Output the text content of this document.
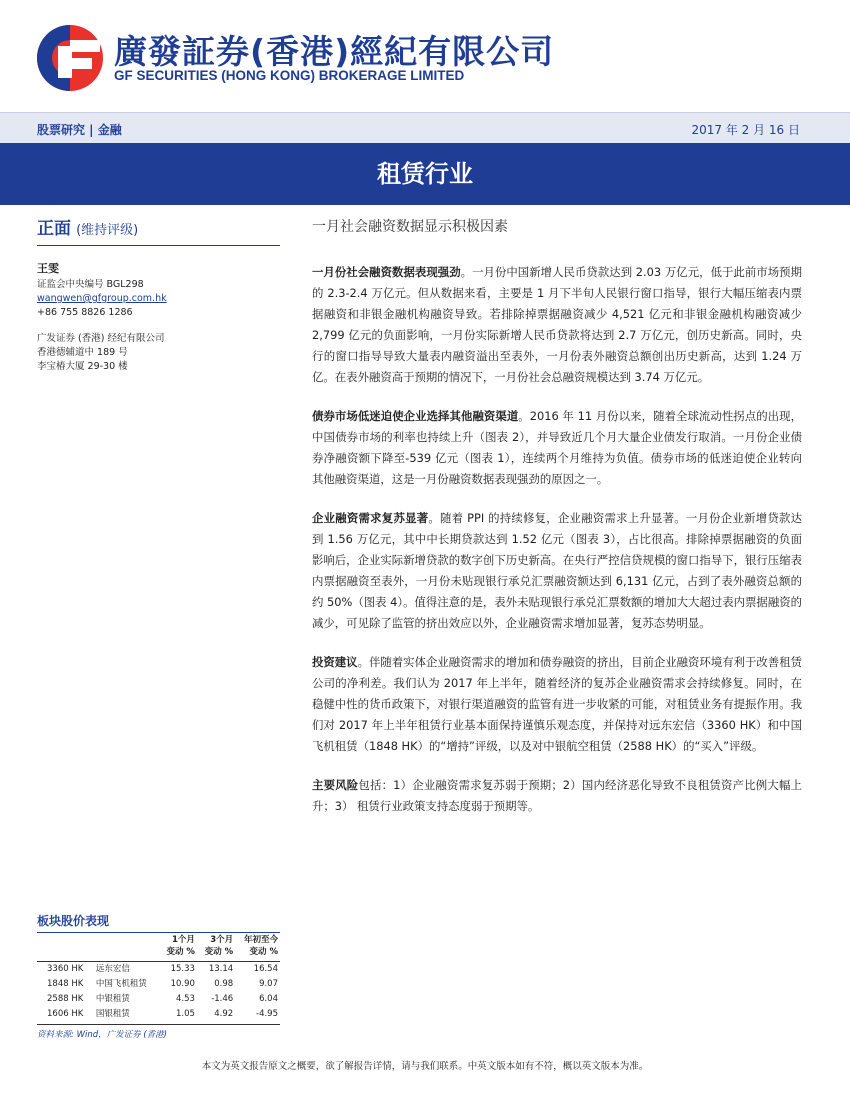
廣發証券(香港)經紀有限公司
GF SECURITIES (HONG KONG) BROKERAGE LIMITED
股票研究 | 金融	2017 年 2 月 16 日
租赁行业
正面 (维持评级)	一月社会融资数据显示积极因素
王雯
证监会中央编号 BGL298
wangwen@gfgroup.com.hk
+86 755 8826 1286
广发证券 (香港) 经纪有限公司
香港德辅道中 189 号
李宝椿大厦 29-30 楼

一月份社会融资数据表现强劲。一月份中国新增人民币贷款达到 2.03 万亿元，低于此前市场预期的 2.3-2.4 万亿元。但从数据来看，主要是 1 月下半旬人民银行窗口指导，银行大幅压缩表内票据融资和非银金融机构融资导致。若排除掉票据融资减少 4,521 亿元和非银金融机构融资减少 2,799 亿元的负面影响，一月份实际新增人民币贷款将达到 2.7 万亿元，创历史新高。同时，央行的窗口指导导致大量表内融资溢出至表外，一月份表外融资总额创出历史新高，达到 1.24 万亿。在表外融资高于预期的情况下，一月份社会总融资规模达到 3.74 万亿元。

债券市场低迷迫使企业选择其他融资渠道。2016 年 11 月份以来，随着全球流动性拐点的出现，中国债券市场的利率也持续上升（图表 2），并导致近几个月大量企业债发行取消。一月份企业债券净融资额下降至-539 亿元（图表 1），连续两个月维持为负值。债券市场的低迷迫使企业转向其他融资渠道，这是一月份融资数据表现强劲的原因之一。

企业融资需求复苏显著。随着 PPI 的持续修复，企业融资需求上升显著。一月份企业新增贷款达到 1.56 万亿元，其中中长期贷款达到 1.52 亿元（图表 3），占比很高。排除掉票据融资的负面影响后，企业实际新增贷款的数字创下历史新高。在央行严控信贷规模的窗口指导下，银行压缩表内票据融资至表外，一月份未贴现银行承兑汇票融资额达到 6,131 亿元，占到了表外融资总额的约 50%（图表 4）。值得注意的是，表外未贴现银行承兑汇票数额的增加大大超过表内票据融资的减少，可见除了监管的挤出效应以外，企业融资需求增加显著，复苏态势明显。

投资建议。伴随着实体企业融资需求的增加和债券融资的挤出，目前企业融资环境有利于改善租赁公司的净利差。我们认为 2017 年上半年，随着经济的复苏企业融资需求会持续修复。同时，在稳健中性的货币政策下，对银行渠道融资的监管有进一步收紧的可能，对租赁业务有提振作用。我们对 2017 年上半年租赁行业基本面保持谨慎乐观态度，并保持对远东宏信（3360 HK）和中国飞机租赁（1848 HK）的“增持”评级，以及对中银航空租赁（2588 HK）的“买入”评级。

主要风险包括：1）企业融资需求复苏弱于预期；2）国内经济恶化导致不良租赁资产比例大幅上升；3） 租赁行业政策支持态度弱于预期等。

板块股价表现
		1个月	3个月	年初至今
		变动 %	变动 %	变动 %
3360 HK	远东宏信	15.33	13.14	16.54
1848 HK	中国飞机租赁	10.90	0.98	9.07
2588 HK	中银租赁	4.53	-1.46	6.04
1606 HK	国银租赁	1.05	4.92	-4.95
资料来源: Wind，广发证券 (香港)
本文为英文报告原文之概要，欲了解报告详情，请与我们联系。中英文版本如有不符，概以英文版本为准。
